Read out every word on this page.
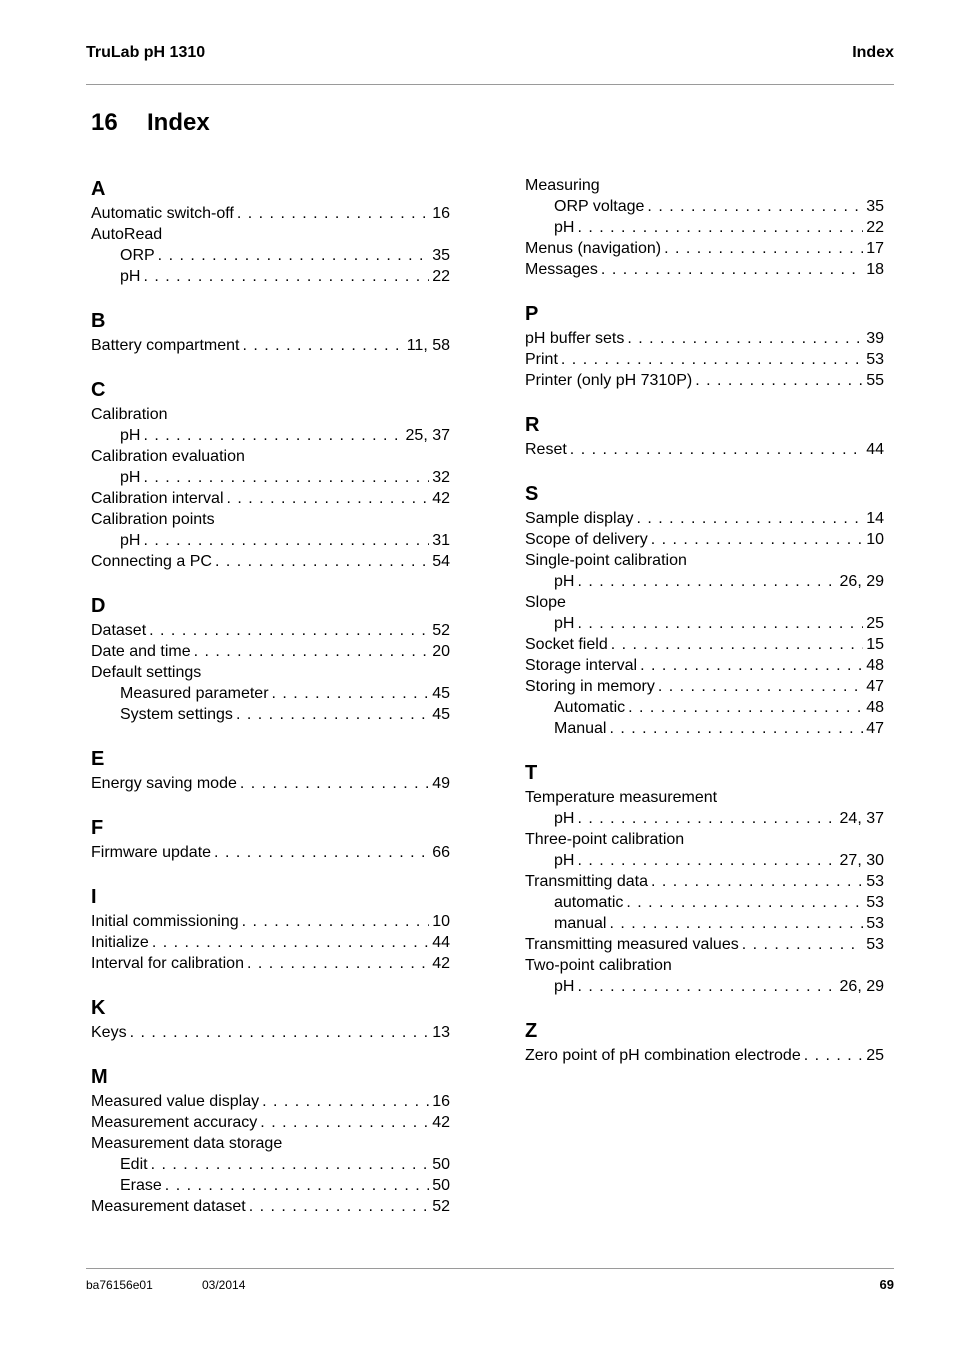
TruLab pH 1310	Index
16 Index
A
Automatic switch-off . . .	16
AutoRead
ORP . . .	35
pH . . .	22
B
Battery compartment . . .	11, 58
C
Calibration
pH . . .	25, 37
Calibration evaluation
pH . . .	32
Calibration interval . . .	42
Calibration points
pH . . .	31
Connecting a PC . . .	54
D
Dataset . . .	52
Date and time . . .	20
Default settings
Measured parameter . . .	45
System settings . . .	45
E
Energy saving mode . . .	49
F
Firmware update . . .	66
I
Initial commissioning . . .	10
Initialize . . .	44
Interval for calibration . . .	42
K
Keys . . .	13
M
Measured value display . . .	16
Measurement accuracy . . .	42
Measurement data storage
Edit . . .	50
Erase . . .	50
Measurement dataset . . .	52
Measuring
ORP voltage . . .	35
pH . . .	22
Menus (navigation) . . .	17
Messages . . .	18
P
pH buffer sets . . .	39
Print . . .	53
Printer (only pH 7310P) . . .	55
R
Reset . . .	44
S
Sample display . . .	14
Scope of delivery . . .	10
Single-point calibration
pH . . .	26, 29
Slope
pH . . .	25
Socket field . . .	15
Storage interval . . .	48
Storing in memory . . .	47
Automatic . . .	48
Manual . . .	47
T
Temperature measurement
pH . . .	24, 37
Three-point calibration
pH . . .	27, 30
Transmitting data . . .	53
automatic . . .	53
manual . . .	53
Transmitting measured values . . .	53
Two-point calibration
pH . . .	26, 29
Z
Zero point of pH combination electrode . . .	25
ba76156e01	03/2014	69
